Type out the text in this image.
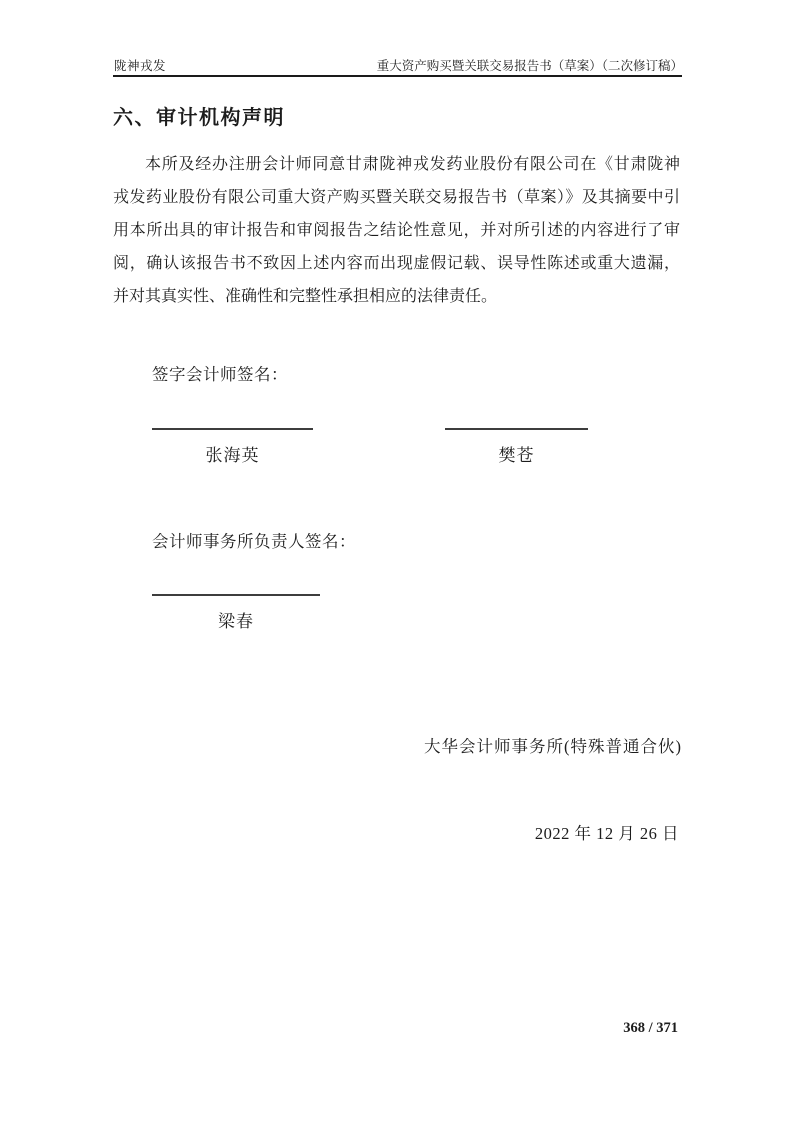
陇神戎发	重大资产购买暨关联交易报告书（草案）（二次修订稿）
六、审计机构声明
本所及经办注册会计师同意甘肃陇神戎发药业股份有限公司在《甘肃陇神
戎发药业股份有限公司重大资产购买暨关联交易报告书（草案）》及其摘要中引
用本所出具的审计报告和审阅报告之结论性意见，并对所引述的内容进行了审
阅，确认该报告书不致因上述内容而出现虚假记载、误导性陈述或重大遗漏，
并对其真实性、准确性和完整性承担相应的法律责任。
签字会计师签名：
张海英	樊苍
会计师事务所负责人签名：
梁春
大华会计师事务所(特殊普通合伙)
2022 年 12 月 26 日
368 / 371
